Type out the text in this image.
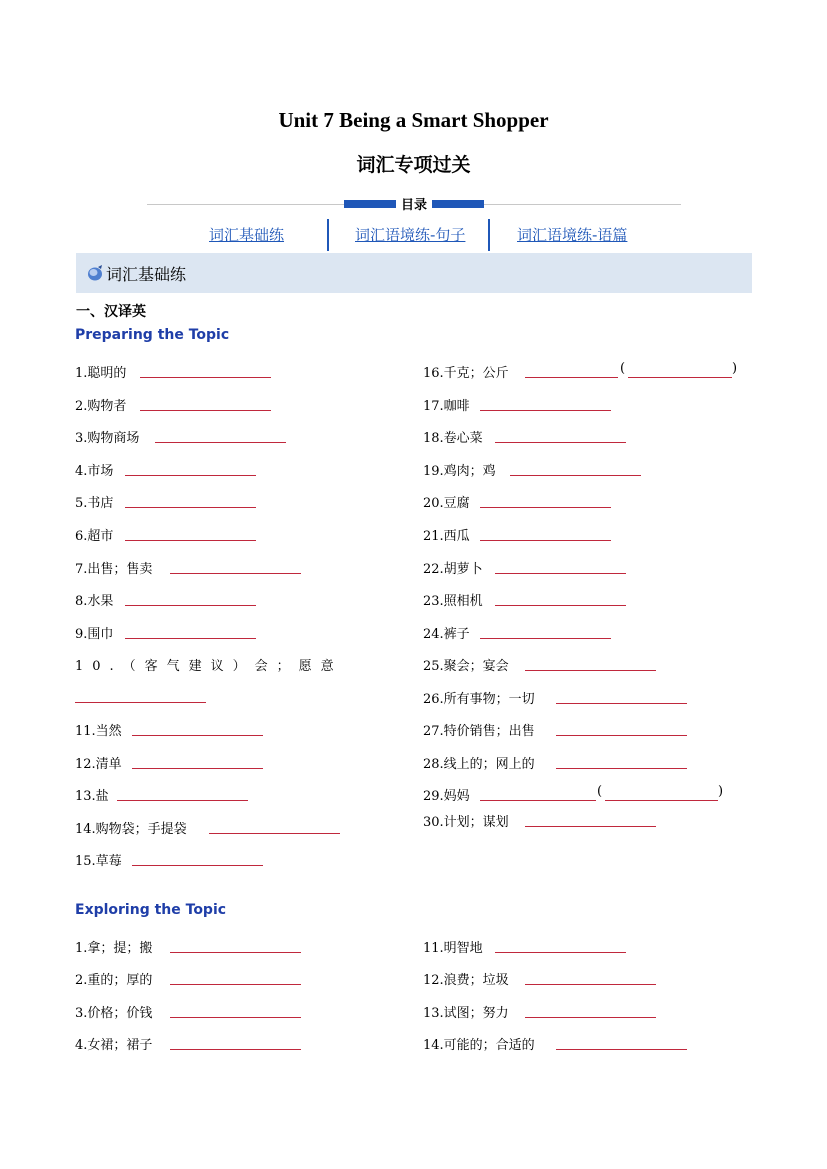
Unit 7 Being a Smart Shopper
词汇专项过关
目录
词汇基础练	词汇语境练-句子	词汇语境练-语篇
词汇基础练
一、汉译英
Preparing the Topic
1.聪明的
2.购物者
3.购物商场
4.市场
5.书店
6.超市
7.出售；售卖
8.水果
9.围巾
10.（客气建议）会；愿意
11.当然
12.清单
13.盐
14.购物袋；手提袋
15.草莓
16.千克；公斤	(	)
17.咖啡
18.卷心菜
19.鸡肉；鸡
20.豆腐
21.西瓜
22.胡萝卜
23.照相机
24.裤子
25.聚会；宴会
26.所有事物；一切
27.特价销售；出售
28.线上的；网上的
29.妈妈	(	)
30.计划；谋划
Exploring the Topic
1.拿；提；搬
2.重的；厚的
3.价格；价钱
4.女裙；裙子
11.明智地
12.浪费；垃圾
13.试图；努力
14.可能的；合适的
